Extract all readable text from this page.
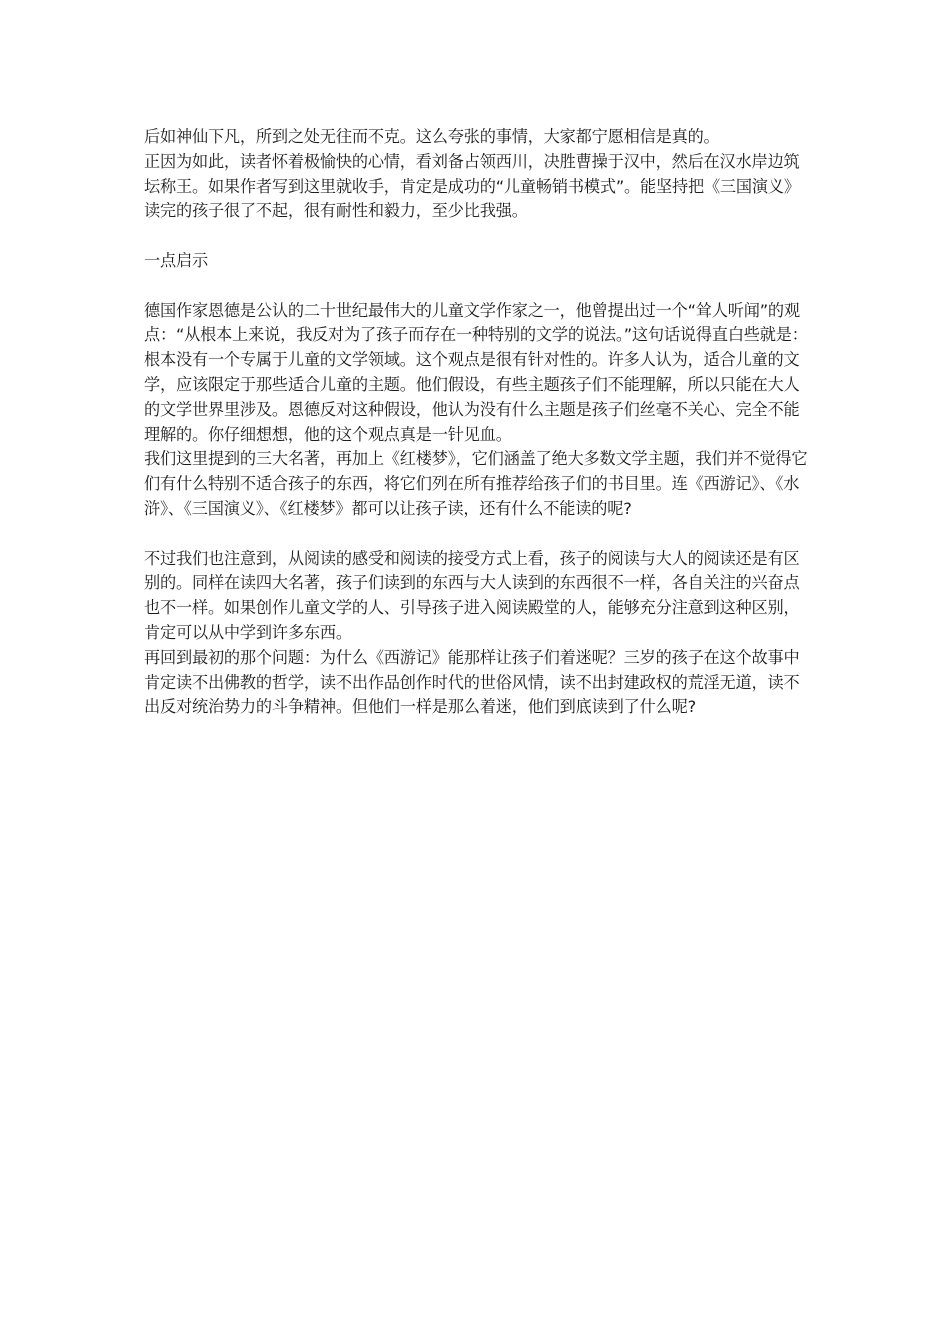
后如神仙下凡，所到之处无往而不克。这么夸张的事情，大家都宁愿相信是真的。

正因为如此，读者怀着极愉快的心情，看刘备占领西川，决胜曹操于汉中，然后在汉水岸边筑坛称王。如果作者写到这里就收手，肯定是成功的“儿童畅销书模式”。能坚持把《三国演义》读完的孩子很了不起，很有耐性和毅力，至少比我强。

一点启示

德国作家恩德是公认的二十世纪最伟大的儿童文学作家之一，他曾提出过一个“耸人听闻”的观点：“从根本上来说，我反对为了孩子而存在一种特别的文学的说法。”这句话说得直白些就是：根本没有一个专属于儿童的文学领域。这个观点是很有针对性的。许多人认为，适合儿童的文学，应该限定于那些适合儿童的主题。他们假设，有些主题孩子们不能理解，所以只能在大人的文学世界里涉及。恩德反对这种假设，他认为没有什么主题是孩子们丝毫不关心、完全不能理解的。你仔细想想，他的这个观点真是一针见血。

我们这里提到的三大名著，再加上《红楼梦》，它们涵盖了绝大多数文学主题，我们并不觉得它们有什么特别不适合孩子的东西，将它们列在所有推荐给孩子们的书目里。连《西游记》、《水浒》、《三国演义》、《红楼梦》都可以让孩子读，还有什么不能读的呢?

不过我们也注意到，从阅读的感受和阅读的接受方式上看，孩子的阅读与大人的阅读还是有区别的。同样在读四大名著，孩子们读到的东西与大人读到的东西很不一样，各自关注的兴奋点也不一样。如果创作儿童文学的人、引导孩子进入阅读殿堂的人，能够充分注意到这种区别，肯定可以从中学到许多东西。

再回到最初的那个问题：为什么《西游记》能那样让孩子们着迷呢？三岁的孩子在这个故事中肯定读不出佛教的哲学，读不出作品创作时代的世俗风情，读不出封建政权的荒淫无道，读不出反对统治势力的斗争精神。但他们一样是那么着迷，他们到底读到了什么呢?
